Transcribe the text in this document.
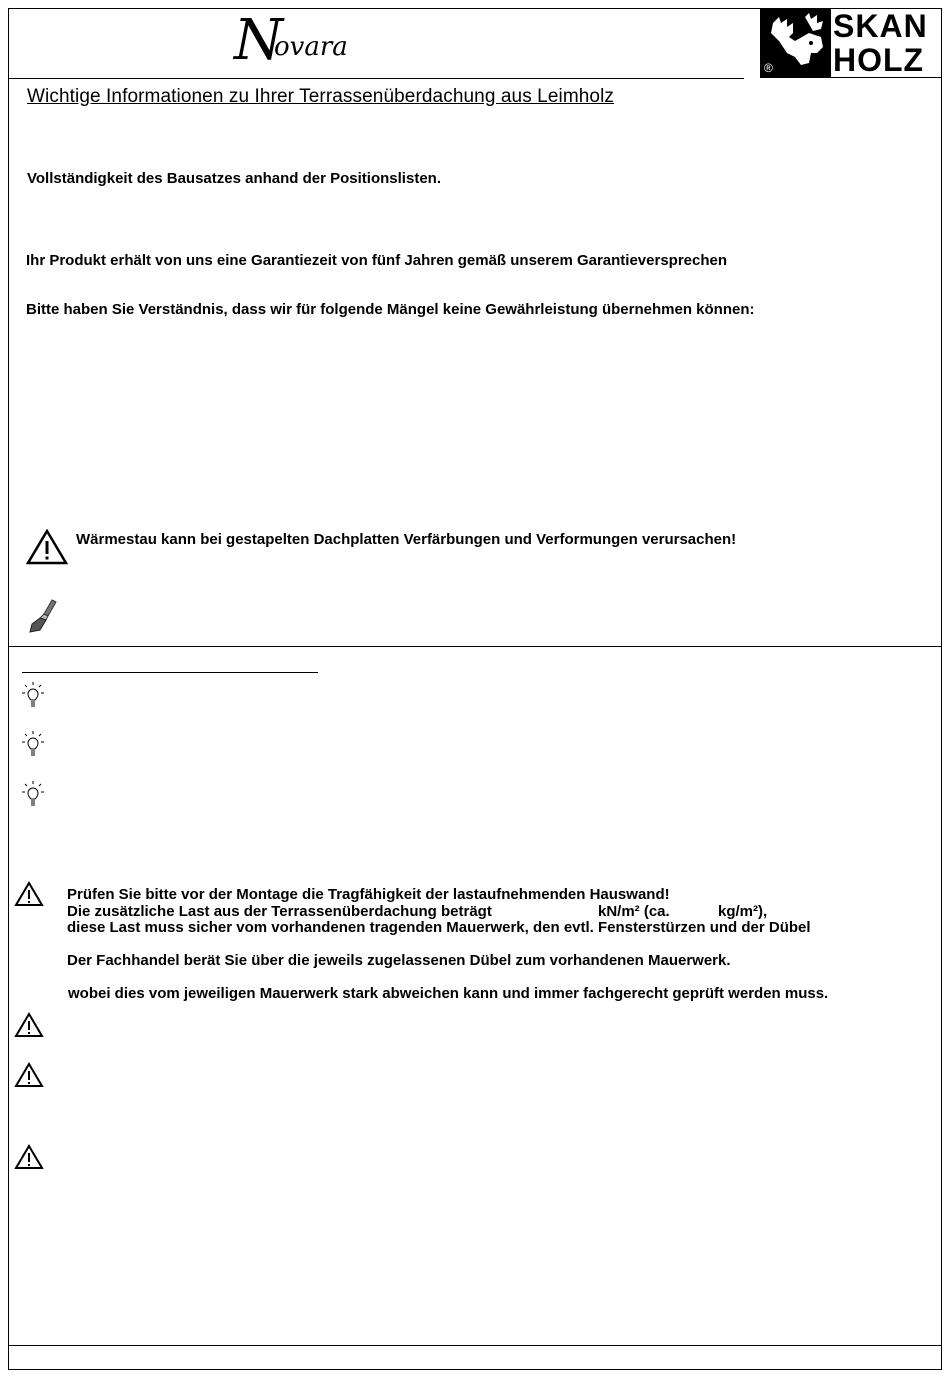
N
ovara
®
SKAN
HOLZ
Wichtige Informationen zu Ihrer Terrassenüberdachung aus Leimholz
Vollständigkeit des Bausatzes anhand der Positionslisten.
Ihr Produkt erhält von uns eine Garantiezeit von fünf Jahren gemäß unserem Garantieversprechen
Bitte haben Sie Verständnis, dass wir für folgende Mängel keine Gewährleistung übernehmen können:
Wärmestau kann bei gestapelten Dachplatten Verfärbungen und Verformungen verursachen!
Prüfen Sie bitte vor der Montage die Tragfähigkeit der lastaufnehmenden Hauswand!
Die zusätzliche Last aus der Terrassenüberdachung beträgt	kN/m² (ca.	kg/m²),
diese Last muss sicher vom vorhandenen tragenden Mauerwerk, den evtl. Fensterstürzen und der Dübel
Der Fachhandel berät Sie über die jeweils zugelassenen Dübel zum vorhandenen Mauerwerk.
wobei dies vom jeweiligen Mauerwerk stark abweichen kann und immer fachgerecht geprüft werden muss.
